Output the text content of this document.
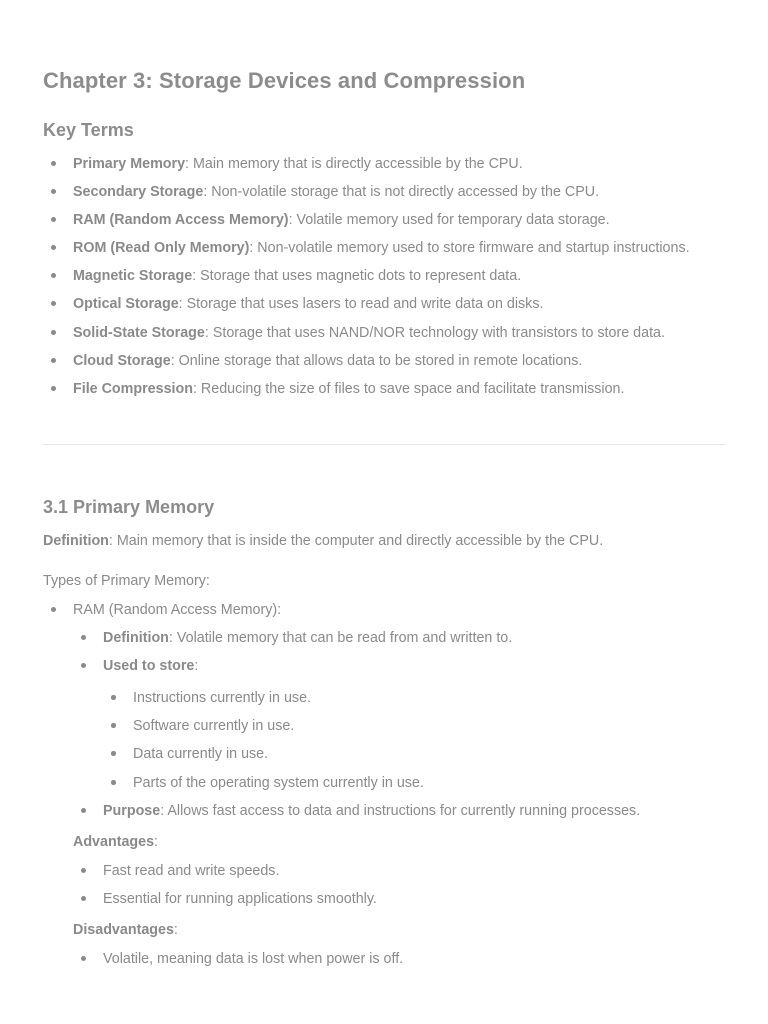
Chapter 3: Storage Devices and Compression
Key Terms
Primary Memory: Main memory that is directly accessible by the CPU.
Secondary Storage: Non-volatile storage that is not directly accessed by the CPU.
RAM (Random Access Memory): Volatile memory used for temporary data storage.
ROM (Read Only Memory): Non-volatile memory used to store firmware and startup instructions.
Magnetic Storage: Storage that uses magnetic dots to represent data.
Optical Storage: Storage that uses lasers to read and write data on disks.
Solid-State Storage: Storage that uses NAND/NOR technology with transistors to store data.
Cloud Storage: Online storage that allows data to be stored in remote locations.
File Compression: Reducing the size of files to save space and facilitate transmission.
3.1 Primary Memory

Definition: Main memory that is inside the computer and directly accessible by the CPU.

Types of Primary Memory:

RAM (Random Access Memory):
Definition: Volatile memory that can be read from and written to.
Used to store:
Instructions currently in use.
Software currently in use.
Data currently in use.
Parts of the operating system currently in use.
Purpose: Allows fast access to data and instructions for currently running processes.
Advantages:
Fast read and write speeds.
Essential for running applications smoothly.
Disadvantages:
Volatile, meaning data is lost when power is off.
